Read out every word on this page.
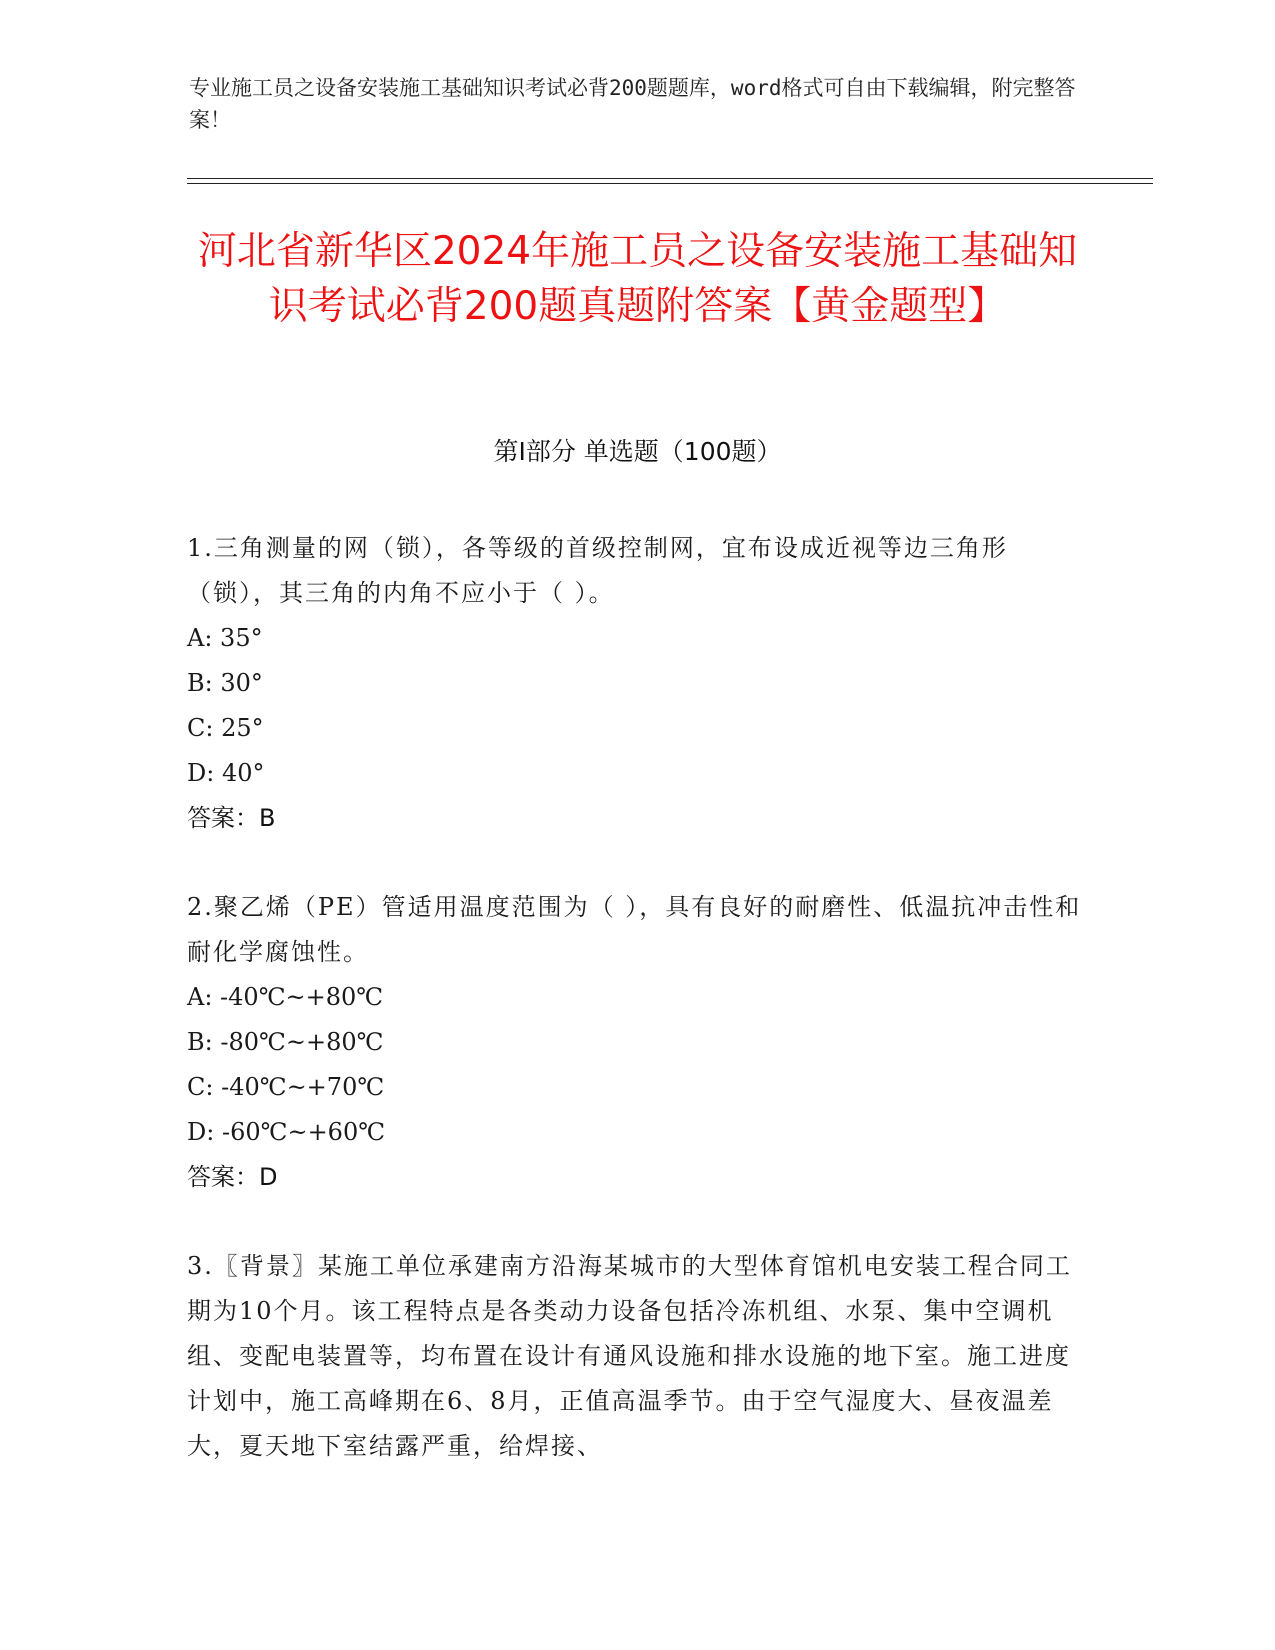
专业施工员之设备安装施工基础知识考试必背200题题库，word格式可自由下载编辑，附完整答案！
河北省新华区2024年施工员之设备安装施工基础知识考试必背200题真题附答案【黄金题型】
第I部分 单选题（100题）
1.三角测量的网（锁），各等级的首级控制网，宜布设成近视等边三角形（锁），其三角的内角不应小于（ ）。
A: 35°
B: 30°
C: 25°
D: 40°
答案：B
2.聚乙烯（PE）管适用温度范围为（ ），具有良好的耐磨性、低温抗冲击性和耐化学腐蚀性。
A: -40℃~+80℃
B: -80℃~+80℃
C: -40℃~+70℃
D: -60℃~+60℃
答案：D
3.〖背景〗某施工单位承建南方沿海某城市的大型体育馆机电安装工程合同工期为10个月。该工程特点是各类动力设备包括冷冻机组、水泵、集中空调机组、变配电装置等，均布置在设计有通风设施和排水设施的地下室。施工进度计划中，施工高峰期在6、8月，正值高温季节。由于空气湿度大、昼夜温差大，夏天地下室结露严重，给焊接、
